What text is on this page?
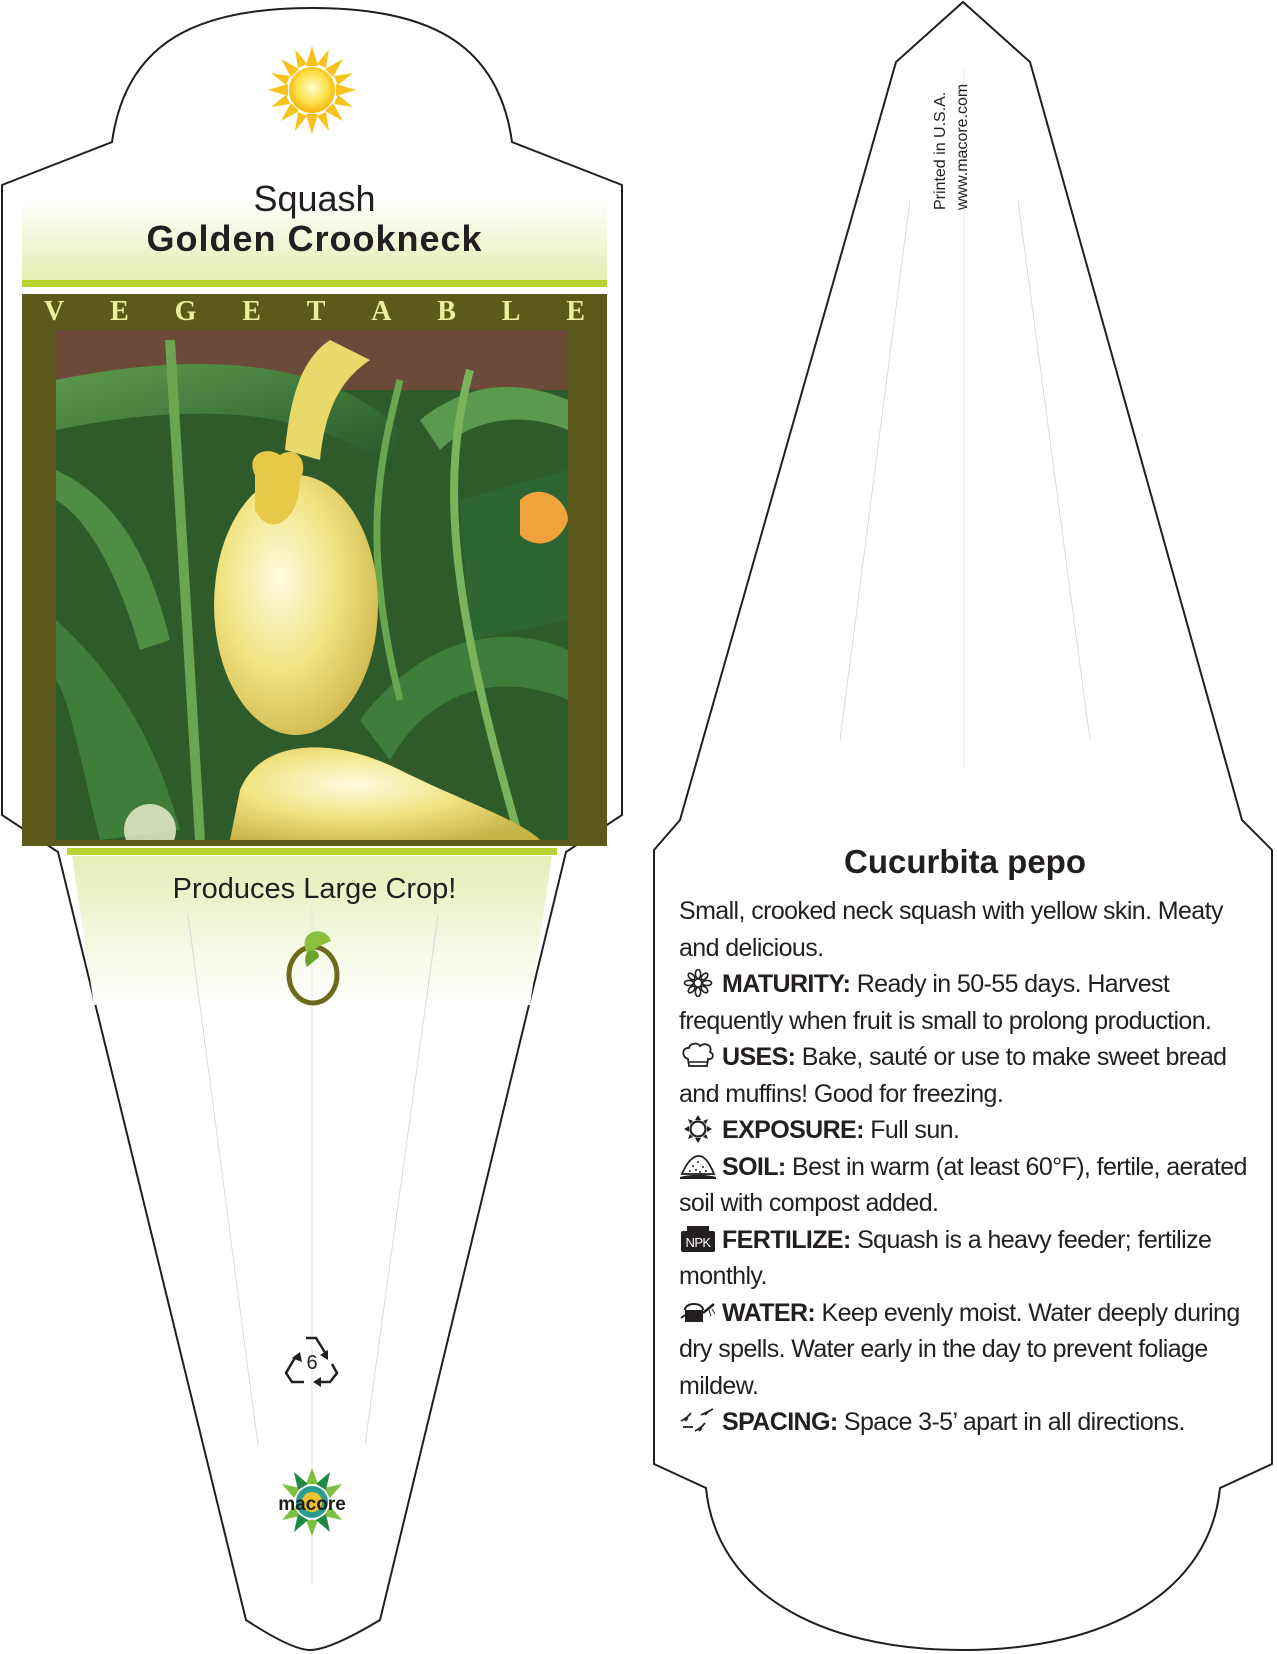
Squash
Golden Crookneck
V E G E T A B L E
Produces Large Crop!
6
macore
Printed in U.S.A. www.macore.com
Cucurbita pepo

Small, crooked neck squash with yellow skin. Meaty and delicious.

MATURITY: Ready in 50-55 days. Harvest frequently when fruit is small to prolong production.

USES: Bake, sauté or use to make sweet bread and muffins! Good for freezing.

EXPOSURE: Full sun.

SOIL: Best in warm (at least 60°F), fertile, aerated soil with compost added.

NPK FERTILIZE: Squash is a heavy feeder; fertilize monthly.

WATER: Keep evenly moist. Water deeply during dry spells. Water early in the day to prevent foliage mildew.

SPACING: Space 3-5’ apart in all directions.
